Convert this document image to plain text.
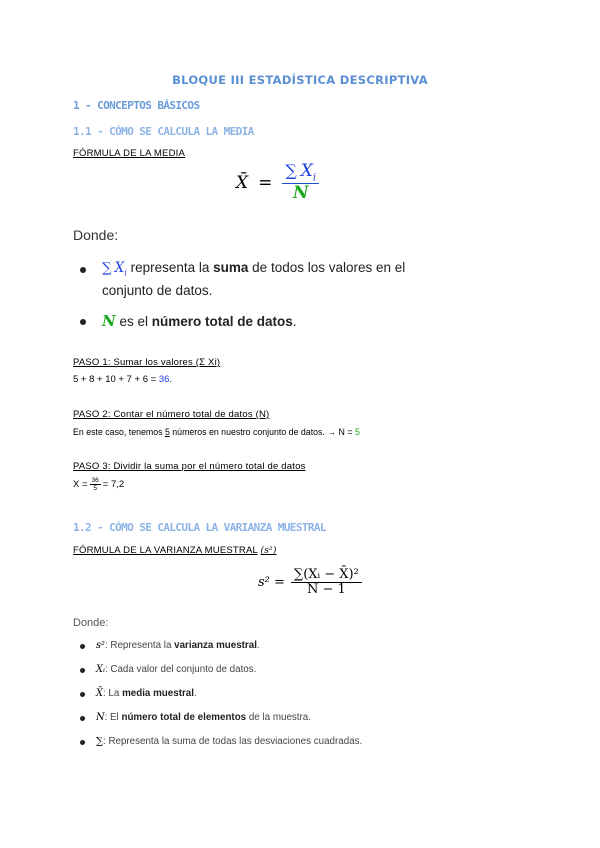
BLOQUE III ESTADÍSTICA DESCRIPTIVA
1 - CONCEPTOS BÁSICOS
1.1 - CÓMO SE CALCULA LA MEDIA
FÓRMULA DE LA MEDIA
X̄ = $\frac{\sum X_i}{N}$
Donde:
∑ $X_i$ representa la suma de todos los valores en el
conjunto de datos.
N es el número total de datos.
PASO 1: Sumar los valores (Σ Xi)
5 + 8 + 10 + 7 + 6 = 36.
PASO 2: Contar el número total de datos (N)
En este caso, tenemos 5 números en nuestro conjunto de datos. → N = 5
PASO 3: Dividir la suma por el número total de datos
$X = \frac{36}{5} = 7,2$
1.2 - CÓMO SE CALCULA LA VARIANZA MUESTRAL
FÓRMULA DE LA VARIANZA MUESTRAL (s²)
$s^2 = \frac{\text{∑(Xᵢ − X̄)²}}{N - 1}$
Donde:
s²: Representa la varianza muestral.
Xᵢ: Cada valor del conjunto de datos.
X̄: La media muestral.
N: El número total de elementos de la muestra.
∑: Representa la suma de todas las desviaciones cuadradas.
